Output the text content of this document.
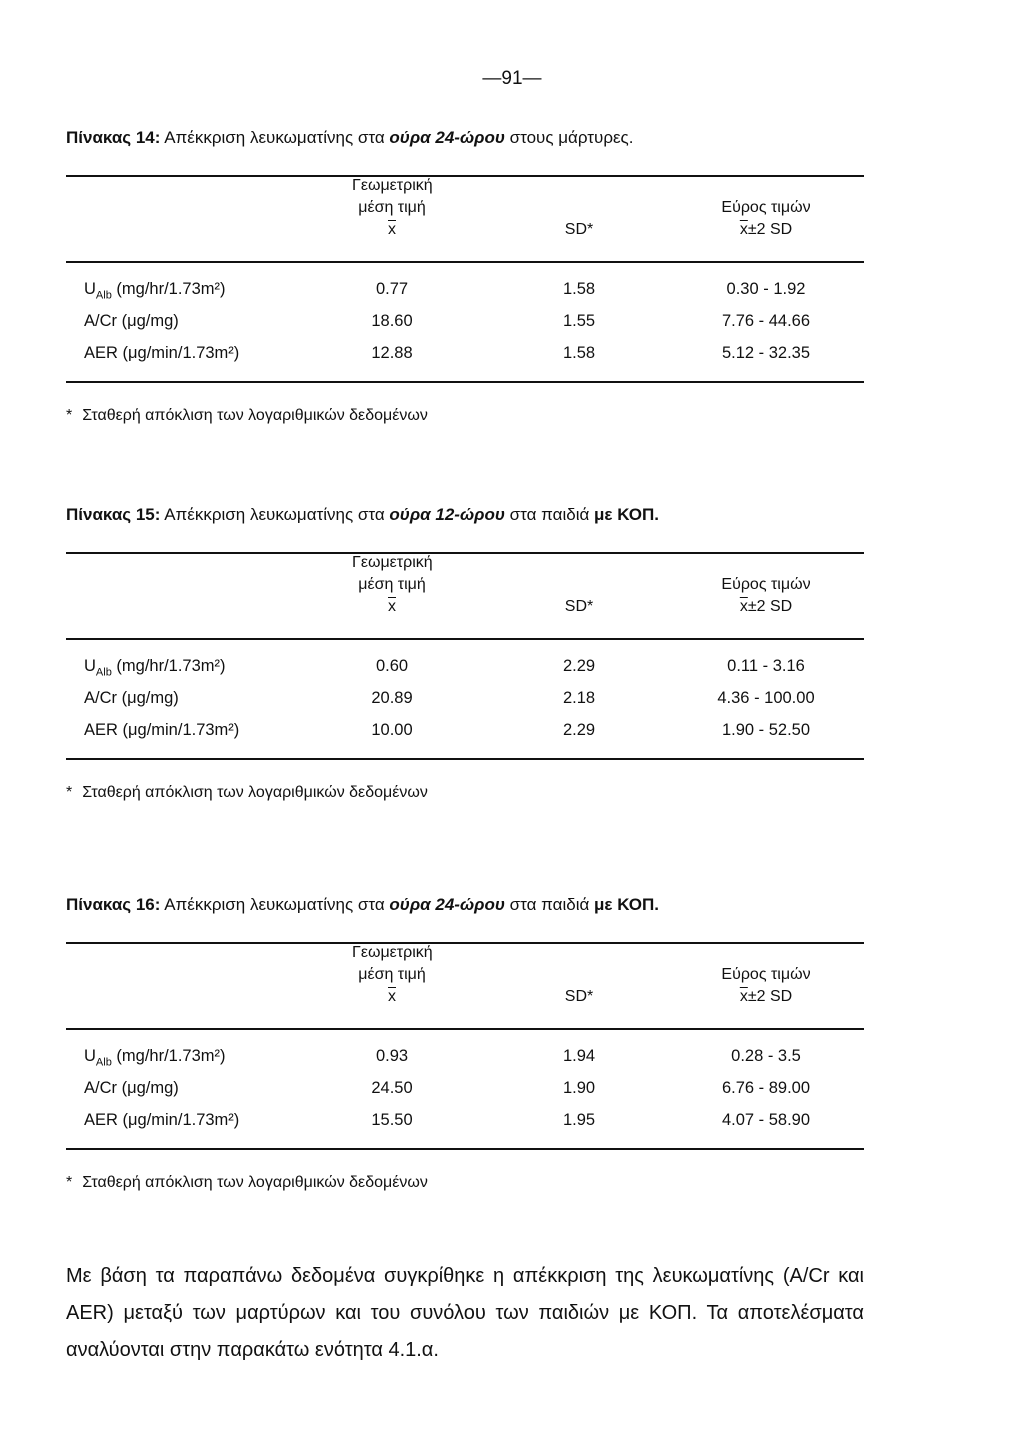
—91—

Πίνακας 14: Απέκκριση λευκωματίνης στα ούρα 24-ώρου στους μάρτυρες.

Γεωμετρική
μέση τιμή
$\overline{x}$	SD*
Εύρος τιμών
$\overline{x}\pm 2$ SD
$U_{Alb}$ (mg/hr/1.73m²)	0.77	1.58	0.30 - 1.92
A/Cr (μg/mg)	18.60	1.55	7.76 - 44.66
AER (μg/min/1.73m²)	12.88	1.58	5.12 - 32.35
* Σταθερή απόκλιση των λογαριθμικών δεδομένων

Πίνακας 15: Απέκκριση λευκωματίνης στα ούρα 12-ώρου στα παιδιά με ΚΟΠ.

Γεωμετρική
μέση τιμή
$\overline{x}$	SD*
Εύρος τιμών
$\overline{x}\pm 2$ SD
$U_{Alb}$ (mg/hr/1.73m²)	0.60	2.29	0.11 - 3.16
A/Cr (μg/mg)	20.89	2.18	4.36 - 100.00
AER (μg/min/1.73m²)	10.00	2.29	1.90 - 52.50
* Σταθερή απόκλιση των λογαριθμικών δεδομένων

Πίνακας 16: Απέκκριση λευκωματίνης στα ούρα 24-ώρου στα παιδιά με ΚΟΠ.

Γεωμετρική
μέση τιμή
$\overline{x}$	SD*
Εύρος τιμών
$\overline{x}\pm 2$ SD
$U_{Alb}$ (mg/hr/1.73m²)	0.93	1.94	0.28 - 3.5
A/Cr (μg/mg)	24.50	1.90	6.76 - 89.00
AER (μg/min/1.73m²)	15.50	1.95	4.07 - 58.90
* Σταθερή απόκλιση των λογαριθμικών δεδομένων

Με βάση τα παραπάνω δεδομένα συγκρίθηκε η απέκκριση της λευκωματίνης (A/Cr και AER) μεταξύ των μαρτύρων και του συνόλου των παιδιών με ΚΟΠ. Τα αποτελέσματα αναλύονται στην παρακάτω ενότητα 4.1.α.
